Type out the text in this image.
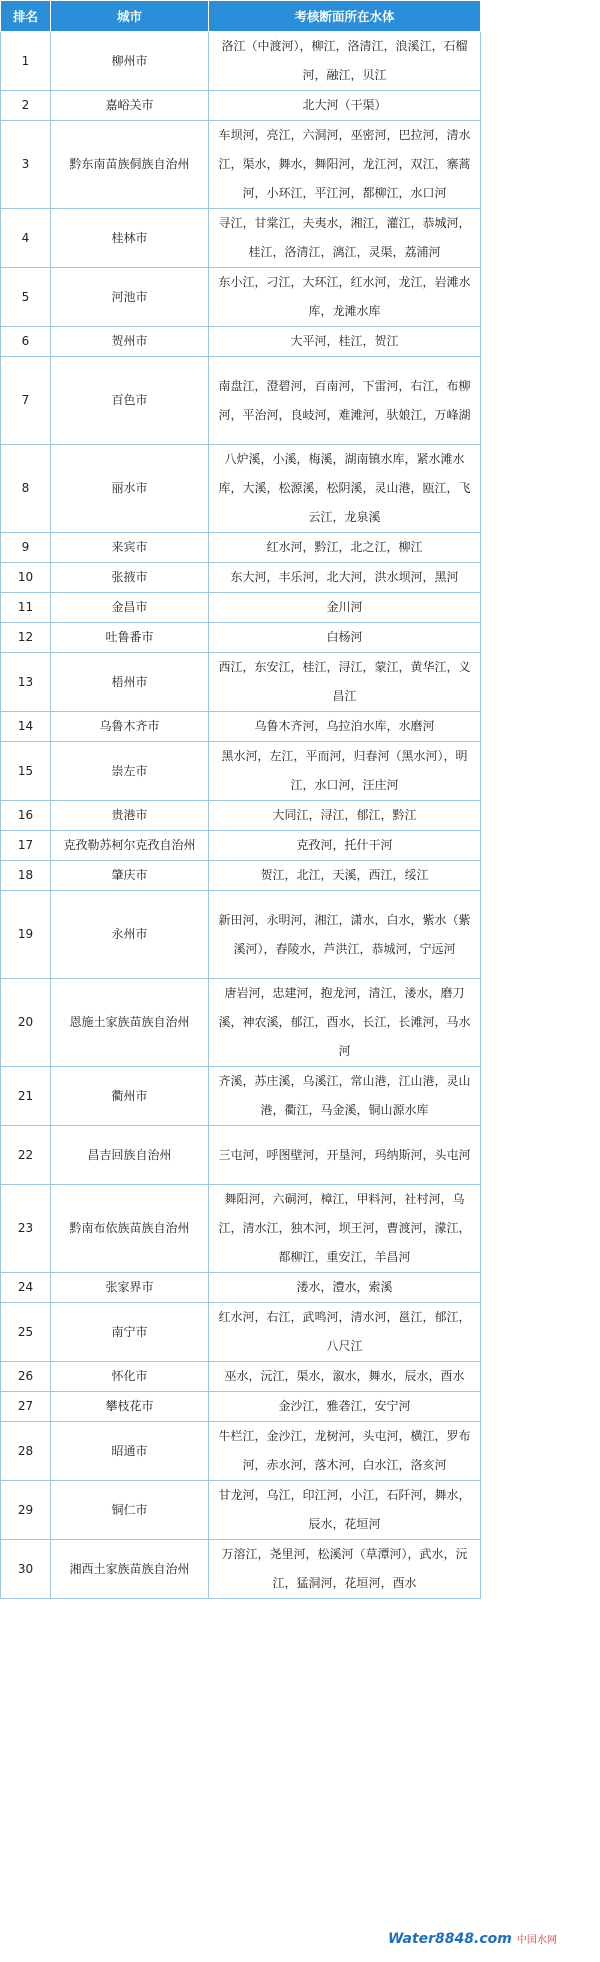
排名	城市	考核断面所在水体
1	柳州市	洛江（中渡河），柳江，洛清江，浪溪江，石榴河，融江，贝江
2	嘉峪关市	北大河（干渠）
3	黔东南苗族侗族自治州	车坝河，亮江，六洞河，巫密河，巴拉河，清水江，渠水，舞水，舞阳河，龙江河，双江，寨蒿河，小环江，平江河，都柳江，水口河
4	桂林市	寻江，甘棠江，夫夷水，湘江，灌江，恭城河，桂江，洛清江，漓江，灵渠，荔浦河
5	河池市	东小江，刁江，大环江，红水河，龙江，岩滩水库，龙滩水库
6	贺州市	大平河，桂江，贺江
7	百色市	南盘江，澄碧河，百南河，下雷河，右江，布柳河，平治河，良岐河，难滩河，驮娘江，万峰湖
8	丽水市	八炉溪，小溪，梅溪，湖南镇水库，紧水滩水库，大溪，松源溪，松阴溪，灵山港，瓯江，飞云江，龙泉溪
9	来宾市	红水河，黔江，北之江，柳江
10	张掖市	东大河，丰乐河，北大河，洪水坝河，黑河
11	金昌市	金川河
12	吐鲁番市	白杨河
13	梧州市	西江，东安江，桂江，浔江，蒙江，黄华江，义昌江
14	乌鲁木齐市	乌鲁木齐河，乌拉泊水库，水磨河
15	崇左市	黑水河，左江，平而河，归春河（黑水河），明江，水口河，汪庄河
16	贵港市	大同江，浔江，郁江，黔江
17	克孜勒苏柯尔克孜自治州	克孜河，托什干河
18	肇庆市	贺江，北江，天溪，西江，绥江
19	永州市	新田河，永明河，湘江，潇水，白水，紫水（紫溪河），舂陵水，芦洪江，恭城河，宁远河
20	恩施土家族苗族自治州	唐岩河，忠建河，抱龙河，清江，溇水，磨刀溪，神农溪，郁江，酉水，长江，长滩河，马水河
21	衢州市	齐溪，苏庄溪，乌溪江，常山港，江山港，灵山港，衢江，马金溪，铜山源水库
22	昌吉回族自治州	三屯河，呼图壁河，开垦河，玛纳斯河，头屯河
23	黔南布依族苗族自治州	舞阳河，六硐河，樟江，甲料河，社村河，乌江，清水江，独木河，坝王河，曹渡河，濛江，都柳江，重安江，羊昌河
24	张家界市	溇水，澧水，索溪
25	南宁市	红水河，右江，武鸣河，清水河，邕江，郁江，八尺江
26	怀化市	巫水，沅江，渠水，溆水，舞水，辰水，酉水
27	攀枝花市	金沙江，雅砻江，安宁河
28	昭通市	牛栏江，金沙江，龙树河，头屯河，横江，罗布河，赤水河，落木河，白水江，洛亥河
29	铜仁市	甘龙河，乌江，印江河，小江，石阡河，舞水，辰水，花垣河
30	湘西土家族苗族自治州	万溶江，尧里河，松溪河（草潭河），武水，沅江，猛洞河，花垣河，酉水
Water8848.com 中国水网
